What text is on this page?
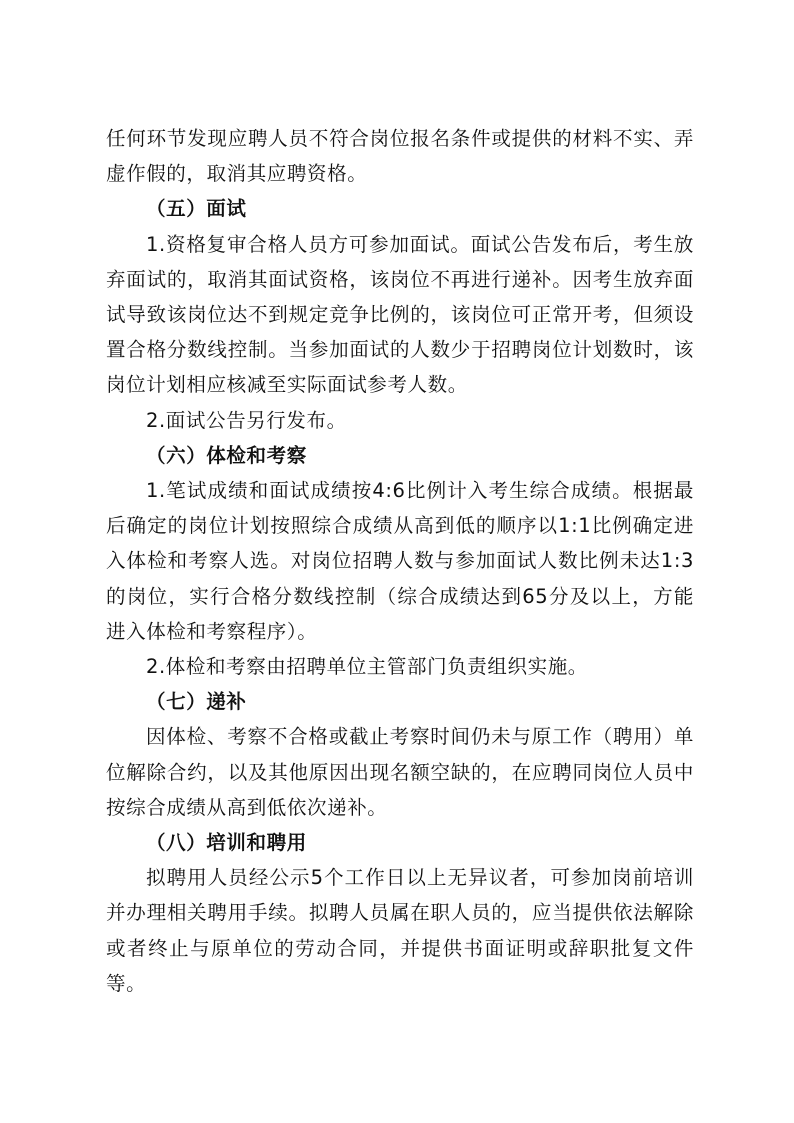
任何环节发现应聘人员不符合岗位报名条件或提供的材料不实、弄虚作假的，取消其应聘资格。

（五）面试

1.资格复审合格人员方可参加面试。面试公告发布后，考生放弃面试的，取消其面试资格，该岗位不再进行递补。因考生放弃面试导致该岗位达不到规定竞争比例的，该岗位可正常开考，但须设置合格分数线控制。当参加面试的人数少于招聘岗位计划数时，该岗位计划相应核减至实际面试参考人数。

2.面试公告另行发布。

（六）体检和考察

1.笔试成绩和面试成绩按4:6比例计入考生综合成绩。根据最后确定的岗位计划按照综合成绩从高到低的顺序以1:1比例确定进入体检和考察人选。对岗位招聘人数与参加面试人数比例未达1:3的岗位，实行合格分数线控制（综合成绩达到65分及以上，方能进入体检和考察程序）。

2.体检和考察由招聘单位主管部门负责组织实施。

（七）递补

因体检、考察不合格或截止考察时间仍未与原工作（聘用）单位解除合约，以及其他原因出现名额空缺的，在应聘同岗位人员中按综合成绩从高到低依次递补。

（八）培训和聘用

拟聘用人员经公示5个工作日以上无异议者，可参加岗前培训并办理相关聘用手续。拟聘人员属在职人员的，应当提供依法解除或者终止与原单位的劳动合同，并提供书面证明或辞职批复文件等。
